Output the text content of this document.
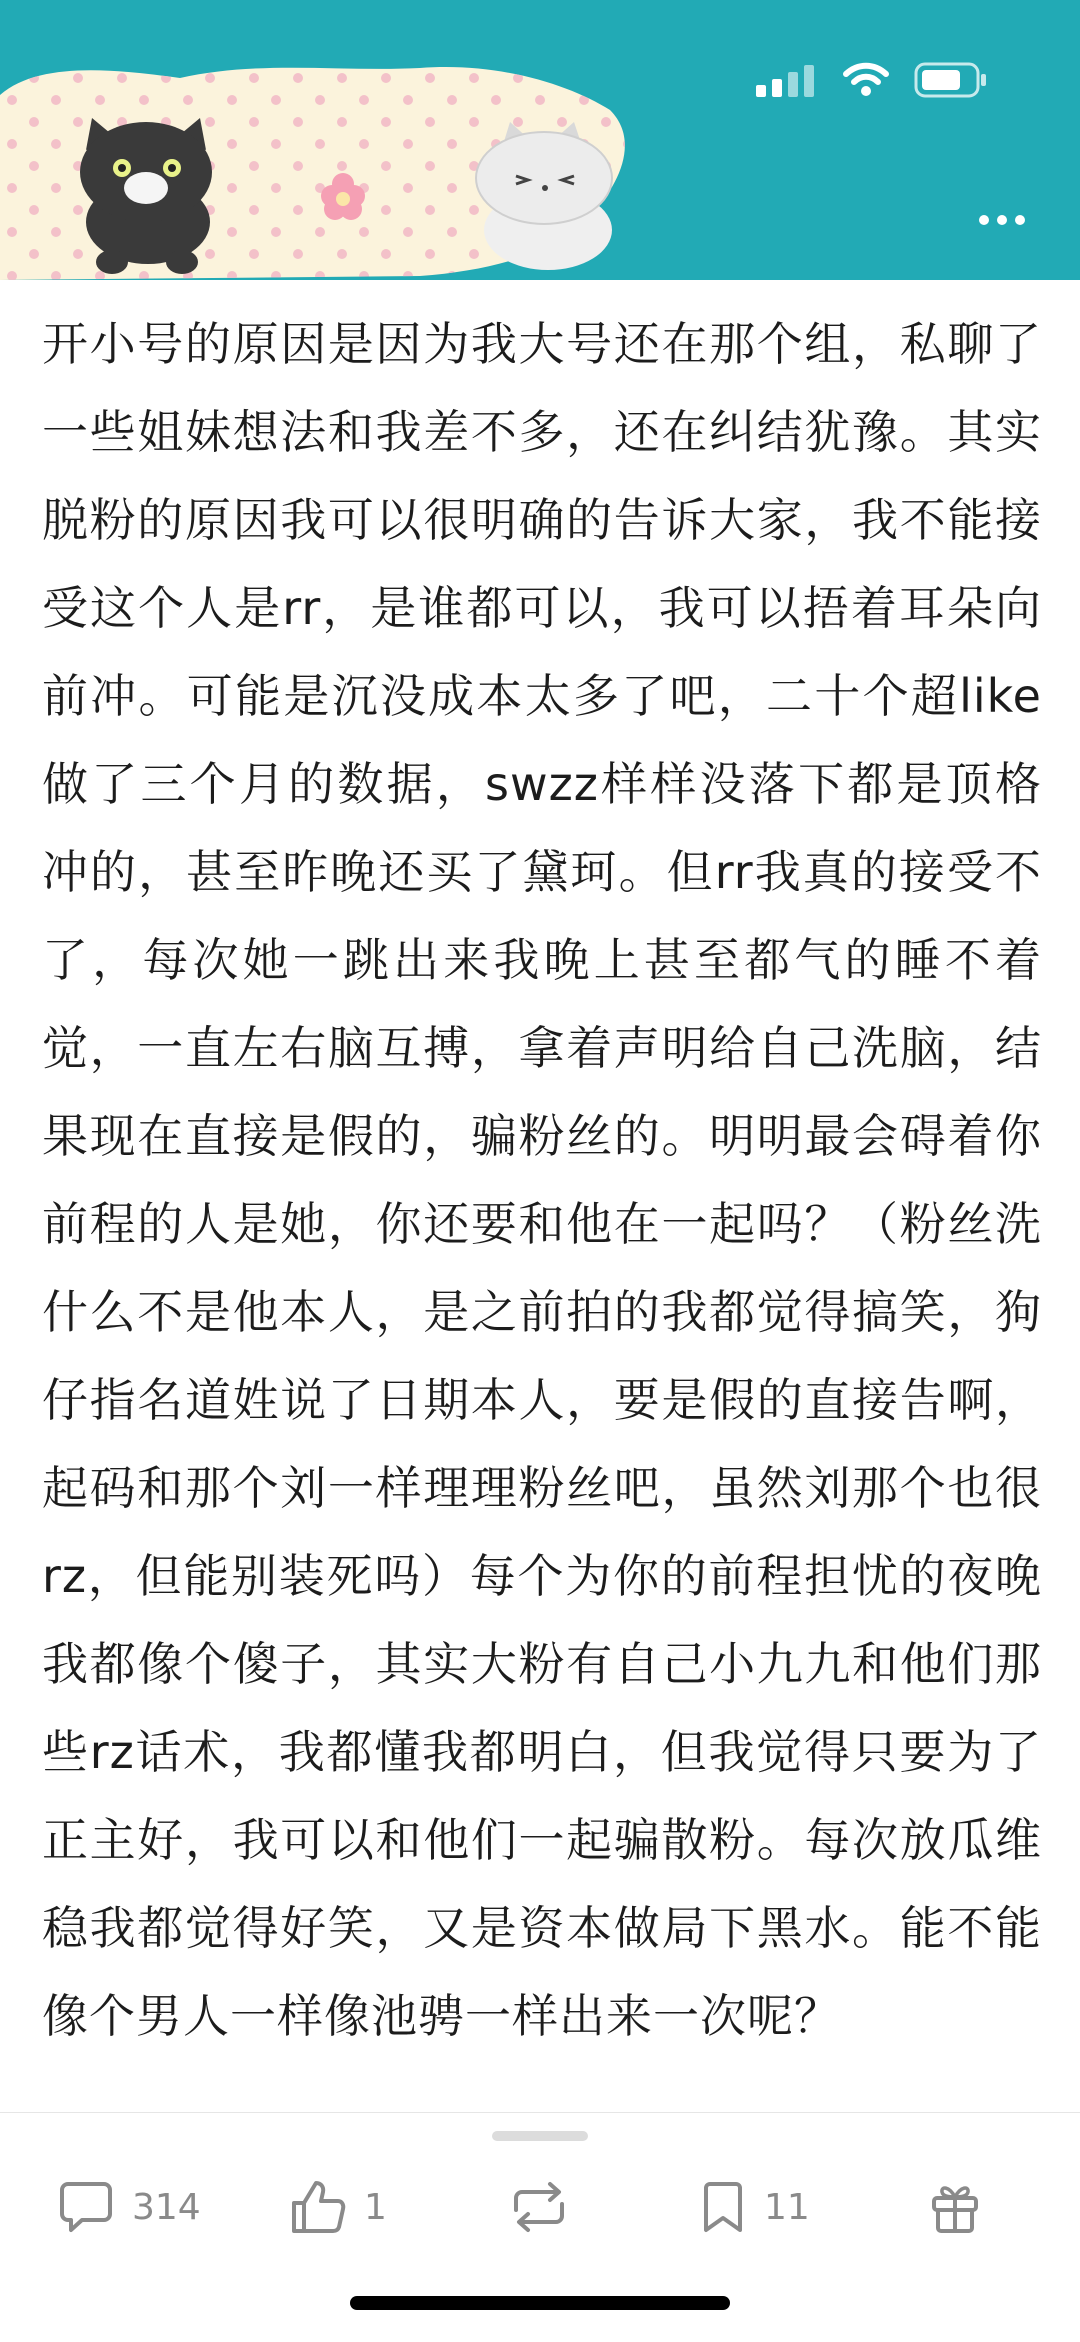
开小号的原因是因为我大号还在那个组，私聊了一些姐妹想法和我差不多，还在纠结犹豫。其实脱粉的原因我可以很明确的告诉大家，我不能接受这个人是rr，是谁都可以，我可以捂着耳朵向前冲。可能是沉没成本太多了吧，二十个超like做了三个月的数据，swzz样样没落下都是顶格冲的，甚至昨晚还买了黛珂。但rr我真的接受不了，每次她一跳出来我晚上甚至都气的睡不着觉，一直左右脑互搏，拿着声明给自己洗脑，结果现在直接是假的，骗粉丝的。明明最会碍着你前程的人是她，你还要和他在一起吗？（粉丝洗什么不是他本人，是之前拍的我都觉得搞笑，狗仔指名道姓说了日期本人，要是假的直接告啊，起码和那个刘一样理理粉丝吧，虽然刘那个也很rz，但能别装死吗）每个为你的前程担忧的夜晚我都像个傻子，其实大粉有自己小九九和他们那些rz话术，我都懂我都明白，但我觉得只要为了正主好，我可以和他们一起骗散粉。每次放瓜维稳我都觉得好笑，又是资本做局下黑水。能不能像个男人一样像池骋一样出来一次呢？

314	1	11
